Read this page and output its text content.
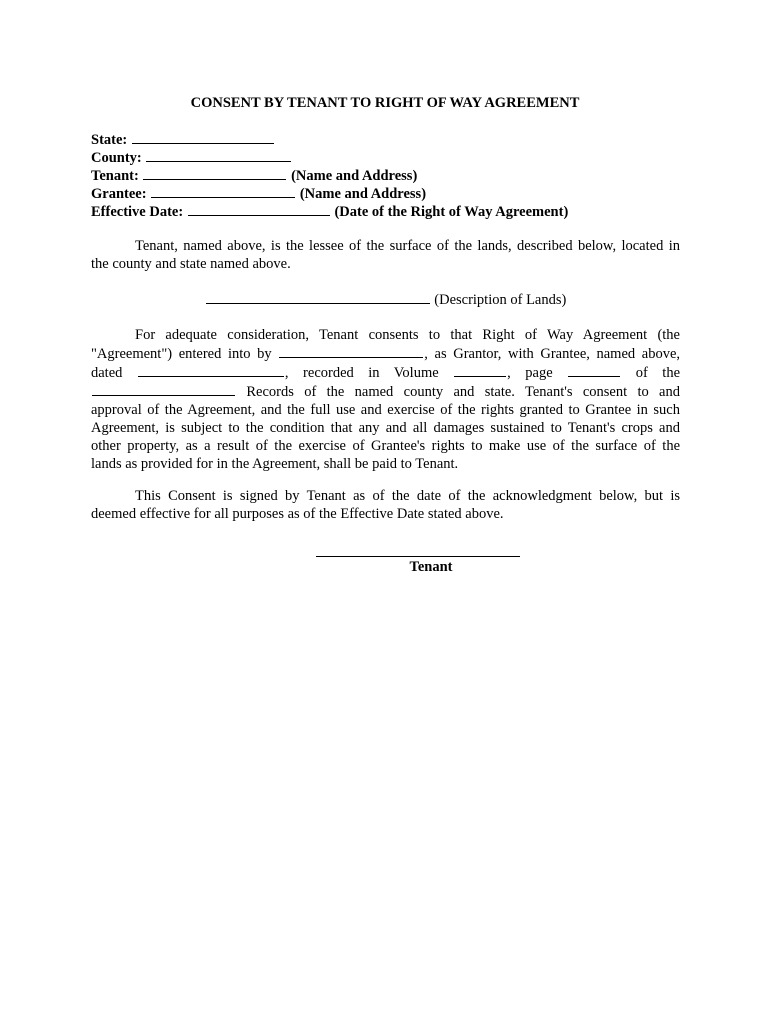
CONSENT BY TENANT TO RIGHT OF WAY AGREEMENT
State:
County:
Tenant:	(Name and Address)
Grantee:	(Name and Address)
Effective Date:	(Date of the Right of Way Agreement)
Tenant, named above, is the lessee of the surface of the lands, described below, located in
the county and state named above.
(Description of Lands)
For adequate consideration, Tenant consents to that Right of Way Agreement (the
"Agreement") entered into by	, as Grantor, with Grantee, named above,
dated	, recorded in Volume	, page	of the
Records of the named county and state. Tenant's consent to and
approval of the Agreement, and the full use and exercise of the rights granted to Grantee in such
Agreement, is subject to the condition that any and all damages sustained to Tenant's crops and
other property, as a result of the exercise of Grantee's rights to make use of the surface of the
lands as provided for in the Agreement, shall be paid to Tenant.
This Consent is signed by Tenant as of the date of the acknowledgment below, but is
deemed effective for all purposes as of the Effective Date stated above.
Tenant
